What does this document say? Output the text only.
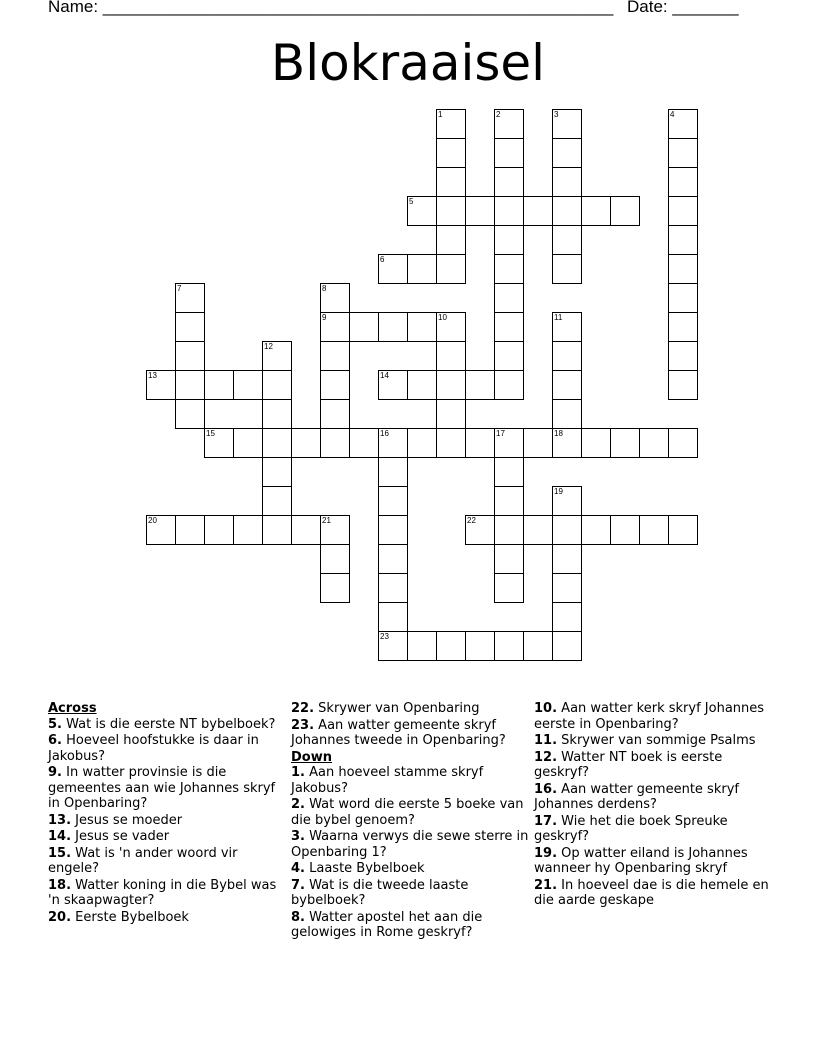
Name: ______________________________________________________ Date: _______
Blokraaisel
1	2	3	4
5
6
7	8
9	10	11
18
12
13	14
15	16	17
19
20	21	22
23
Across
5. Wat is die eerste NT bybelboek?
6. Hoeveel hoofstukke is daar in Jakobus?
9. In watter provinsie is die gemeentes aan wie Johannes skryf in Openbaring?
13. Jesus se moeder
14. Jesus se vader
15. Wat is 'n ander woord vir engele?
18. Watter koning in die Bybel was 'n skaapwagter?
20. Eerste Bybelboek
22. Skrywer van Openbaring
23. Aan watter gemeente skryf Johannes tweede in Openbaring?
Down
1. Aan hoeveel stamme skryf Jakobus?
2. Wat word die eerste 5 boeke van die bybel genoem?
3. Waarna verwys die sewe sterre in Openbaring 1?
4. Laaste Bybelboek
7. Wat is die tweede laaste bybelboek?
8. Watter apostel het aan die gelowiges in Rome geskryf?
10. Aan watter kerk skryf Johannes eerste in Openbaring?
11. Skrywer van sommige Psalms
12. Watter NT boek is eerste geskryf?
16. Aan watter gemeente skryf Johannes derdens?
17. Wie het die boek Spreuke geskryf?
19. Op watter eiland is Johannes wanneer hy Openbaring skryf
21. In hoeveel dae is die hemele en die aarde geskape
